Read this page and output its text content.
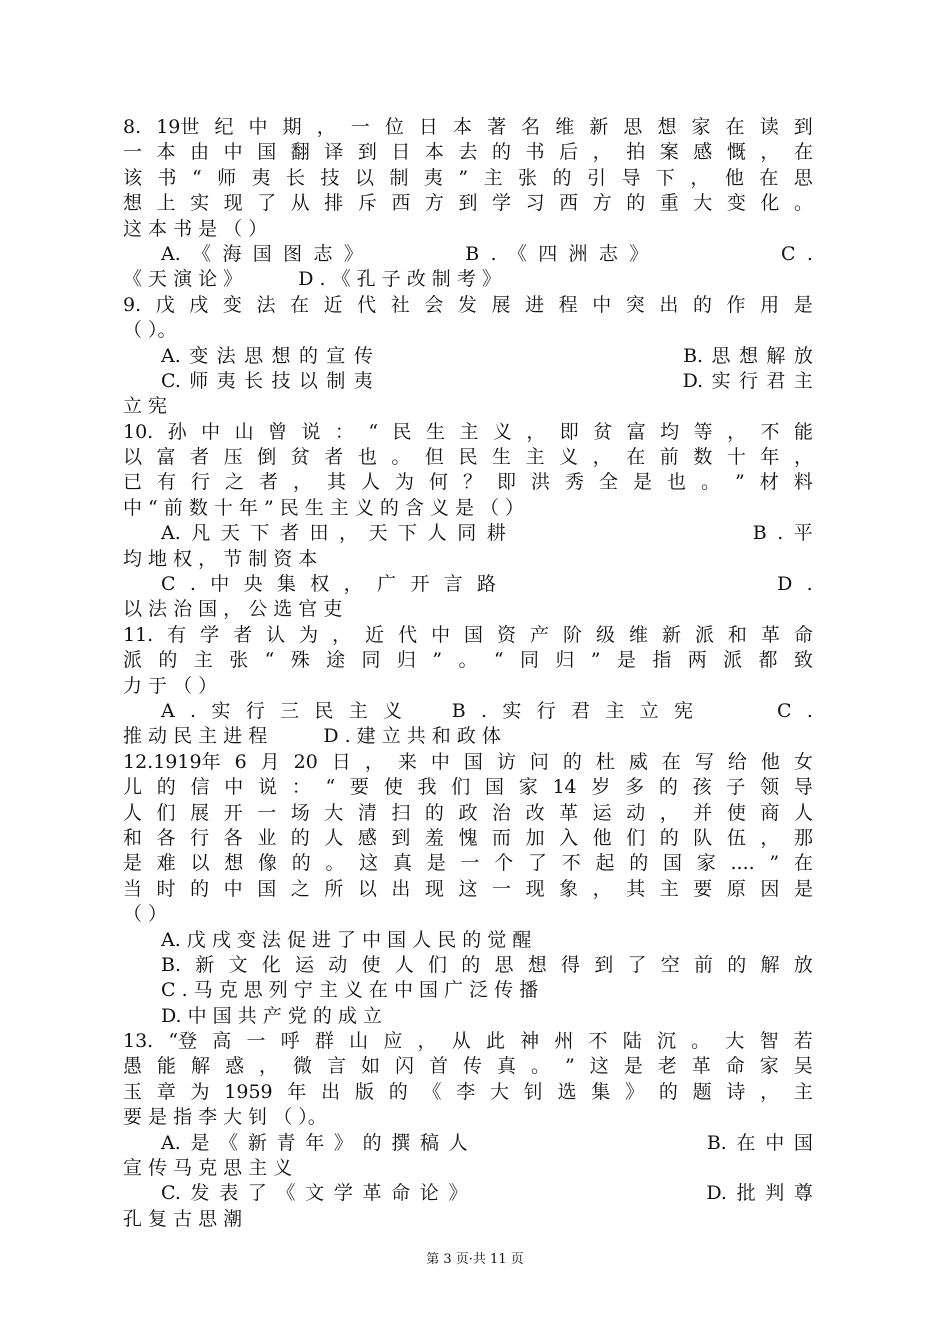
8. 19世 纪 中 期 ， 一 位 日 本 著 名 维 新 思 想 家 在 读 到
一 本 由 中 国 翻 译 到 日 本 去 的 书 后 ， 拍 案 感 慨 ， 在
该 书 “ 师 夷 长 技 以 制 夷 ” 主 张 的 引 导 下 ， 他 在 思
想 上 实 现 了 从 排 斥 西 方 到 学 习 西 方 的 重 大 变 化 。
这 本 书 是 （ ）
A. 《 海 国 图 志 》

　	B . 《 四 洲 志 》

　	C .
《 天 演 论 》 　 　 D . 《 孔 子 改 制 考 》
9. 戊 戌 变 法 在 近 代 社 会 发 展 进 程 中 突 出 的 作 用 是
（ ）。
A. 变 法 思 想 的 宣 传

　	B. 思 想 解 放
C. 师 夷 长 技 以 制 夷

　	D. 实 行 君 主
立 宪
10. 孙 中 山 曾 说 ： “ 民 生 主 义 ， 即 贫 富 均 等 ， 不 能
以 富 者 压 倒 贫 者 也 。 但 民 生 主 义 ， 在 前 数 十 年 ，
已 有 行 之 者 ， 其 人 为 何 ？ 即 洪 秀 全 是 也 。 ” 材 料
中 “ 前 数 十 年 ” 民 生 主 义 的 含 义 是 （ ）
A. 凡 天 下 者 田 ， 天 下 人 同 耕

　	B . 平
均 地 权 ， 节 制 资 本
C . 中 央 集 权 ， 广 开 言 路

　	D .
以 法 治 国 ， 公 选 官 吏
11. 有 学 者 认 为 ， 近 代 中 国 资 产 阶 级 维 新 派 和 革 命
派 的 主 张 “ 殊 途 同 归 ” 。 “ 同 归 ” 是 指 两 派 都 致
力 于 （ ）
A . 实 行 三 民 主 义
　	B . 实 行 君 主 立 宪

　	C .
推 动 民 主 进 程 　 　 D . 建 立 共 和 政 体
12.1919年 6 月 20 日 ， 来 中 国 访 问 的 杜 威 在 写 给 他 女
儿 的 信 中 说 ： “ 要 使 我 们 国 家 14 岁 多 的 孩 子 领 导
人 们 展 开 一 场 大 清 扫 的 政 治 改 革 运 动 ， 并 使 商 人
和 各 行 各 业 的 人 感 到 羞 愧 而 加 入 他 们 的 队 伍 ， 那
是 难 以 想 像 的 。 这 真 是 一 个 了 不 起 的 国 家 .... ” 在
当 时 的 中 国 之 所 以 出 现 这 一 现 象 ， 其 主 要 原 因 是
（ ）
A. 戊 戌 变 法 促 进 了 中 国 人 民 的 觉 醒
B. 新 文 化 运 动 使 人 们 的 思 想 得 到 了 空 前 的 解 放
C . 马 克 思 列 宁 主 义 在 中 国 广 泛 传 播
D. 中 国 共 产 党 的 成 立
13. “登 高 一 呼 群 山 应 ， 从 此 神 州 不 陆 沉 。 大 智 若
愚 能 解 惑 ， 微 言 如 闪 首 传 真 。 ” 这 是 老 革 命 家 吴
玉 章 为 1959 年 出 版 的 《 李 大 钊 选 集 》 的 题 诗 ， 主
要 是 指 李 大 钊 （ ）。
A. 是 《 新 青 年 》 的 撰 稿 人

　	B. 在 中 国
宣 传 马 克 思 主 义
C. 发 表 了 《 文 学 革 命 论 》

　	D. 批 判 尊
孔 复 古 思 潮
第 3 页·共 11 页
